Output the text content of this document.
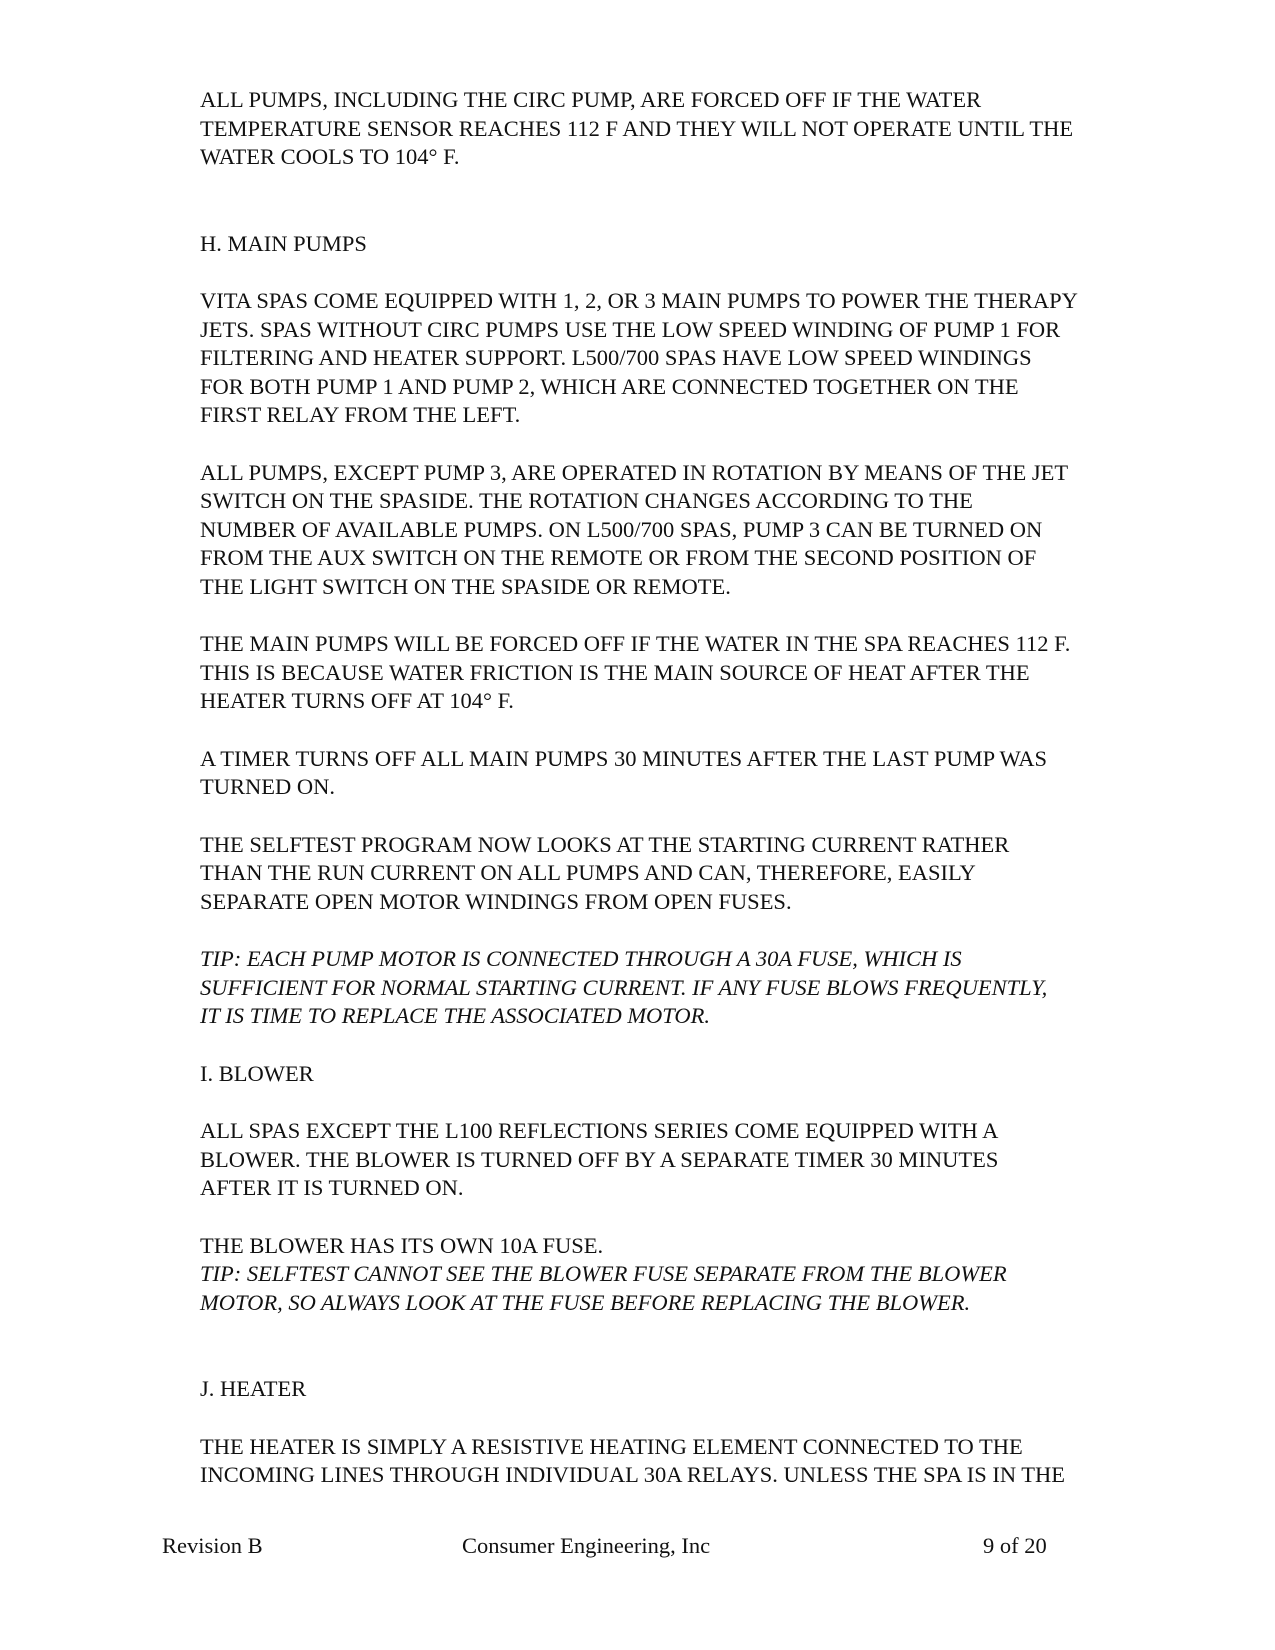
ALL PUMPS, INCLUDING THE CIRC PUMP, ARE FORCED OFF IF THE WATER
TEMPERATURE SENSOR REACHES 112 F AND THEY WILL NOT OPERATE UNTIL THE
WATER COOLS TO 104° F.

H. MAIN PUMPS

VITA SPAS COME EQUIPPED WITH 1, 2, OR 3 MAIN PUMPS TO POWER THE THERAPY
JETS. SPAS WITHOUT CIRC PUMPS USE THE LOW SPEED WINDING OF PUMP 1 FOR
FILTERING AND HEATER SUPPORT. L500/700 SPAS HAVE LOW SPEED WINDINGS
FOR BOTH PUMP 1 AND PUMP 2, WHICH ARE CONNECTED TOGETHER ON THE
FIRST RELAY FROM THE LEFT.

ALL PUMPS, EXCEPT PUMP 3, ARE OPERATED IN ROTATION BY MEANS OF THE JET
SWITCH ON THE SPASIDE. THE ROTATION CHANGES ACCORDING TO THE
NUMBER OF AVAILABLE PUMPS. ON L500/700 SPAS, PUMP 3 CAN BE TURNED ON
FROM THE AUX SWITCH ON THE REMOTE OR FROM THE SECOND POSITION OF
THE LIGHT SWITCH ON THE SPASIDE OR REMOTE.

THE MAIN PUMPS WILL BE FORCED OFF IF THE WATER IN THE SPA REACHES 112 F.
THIS IS BECAUSE WATER FRICTION IS THE MAIN SOURCE OF HEAT AFTER THE
HEATER TURNS OFF AT 104° F.

A TIMER TURNS OFF ALL MAIN PUMPS 30 MINUTES AFTER THE LAST PUMP WAS
TURNED ON.

THE SELFTEST PROGRAM NOW LOOKS AT THE STARTING CURRENT RATHER
THAN THE RUN CURRENT ON ALL PUMPS AND CAN, THEREFORE, EASILY
SEPARATE OPEN MOTOR WINDINGS FROM OPEN FUSES.

TIP: EACH PUMP MOTOR IS CONNECTED THROUGH A 30A FUSE, WHICH IS
SUFFICIENT FOR NORMAL STARTING CURRENT. IF ANY FUSE BLOWS FREQUENTLY,
IT IS TIME TO REPLACE THE ASSOCIATED MOTOR.

I. BLOWER

ALL SPAS EXCEPT THE L100 REFLECTIONS SERIES COME EQUIPPED WITH A
BLOWER. THE BLOWER IS TURNED OFF BY A SEPARATE TIMER 30 MINUTES
AFTER IT IS TURNED ON.

THE BLOWER HAS ITS OWN 10A FUSE.

TIP: SELFTEST CANNOT SEE THE BLOWER FUSE SEPARATE FROM THE BLOWER
MOTOR, SO ALWAYS LOOK AT THE FUSE BEFORE REPLACING THE BLOWER.

J. HEATER

THE HEATER IS SIMPLY A RESISTIVE HEATING ELEMENT CONNECTED TO THE
INCOMING LINES THROUGH INDIVIDUAL 30A RELAYS. UNLESS THE SPA IS IN THE

Revision B	Consumer Engineering, Inc	9 of 20
